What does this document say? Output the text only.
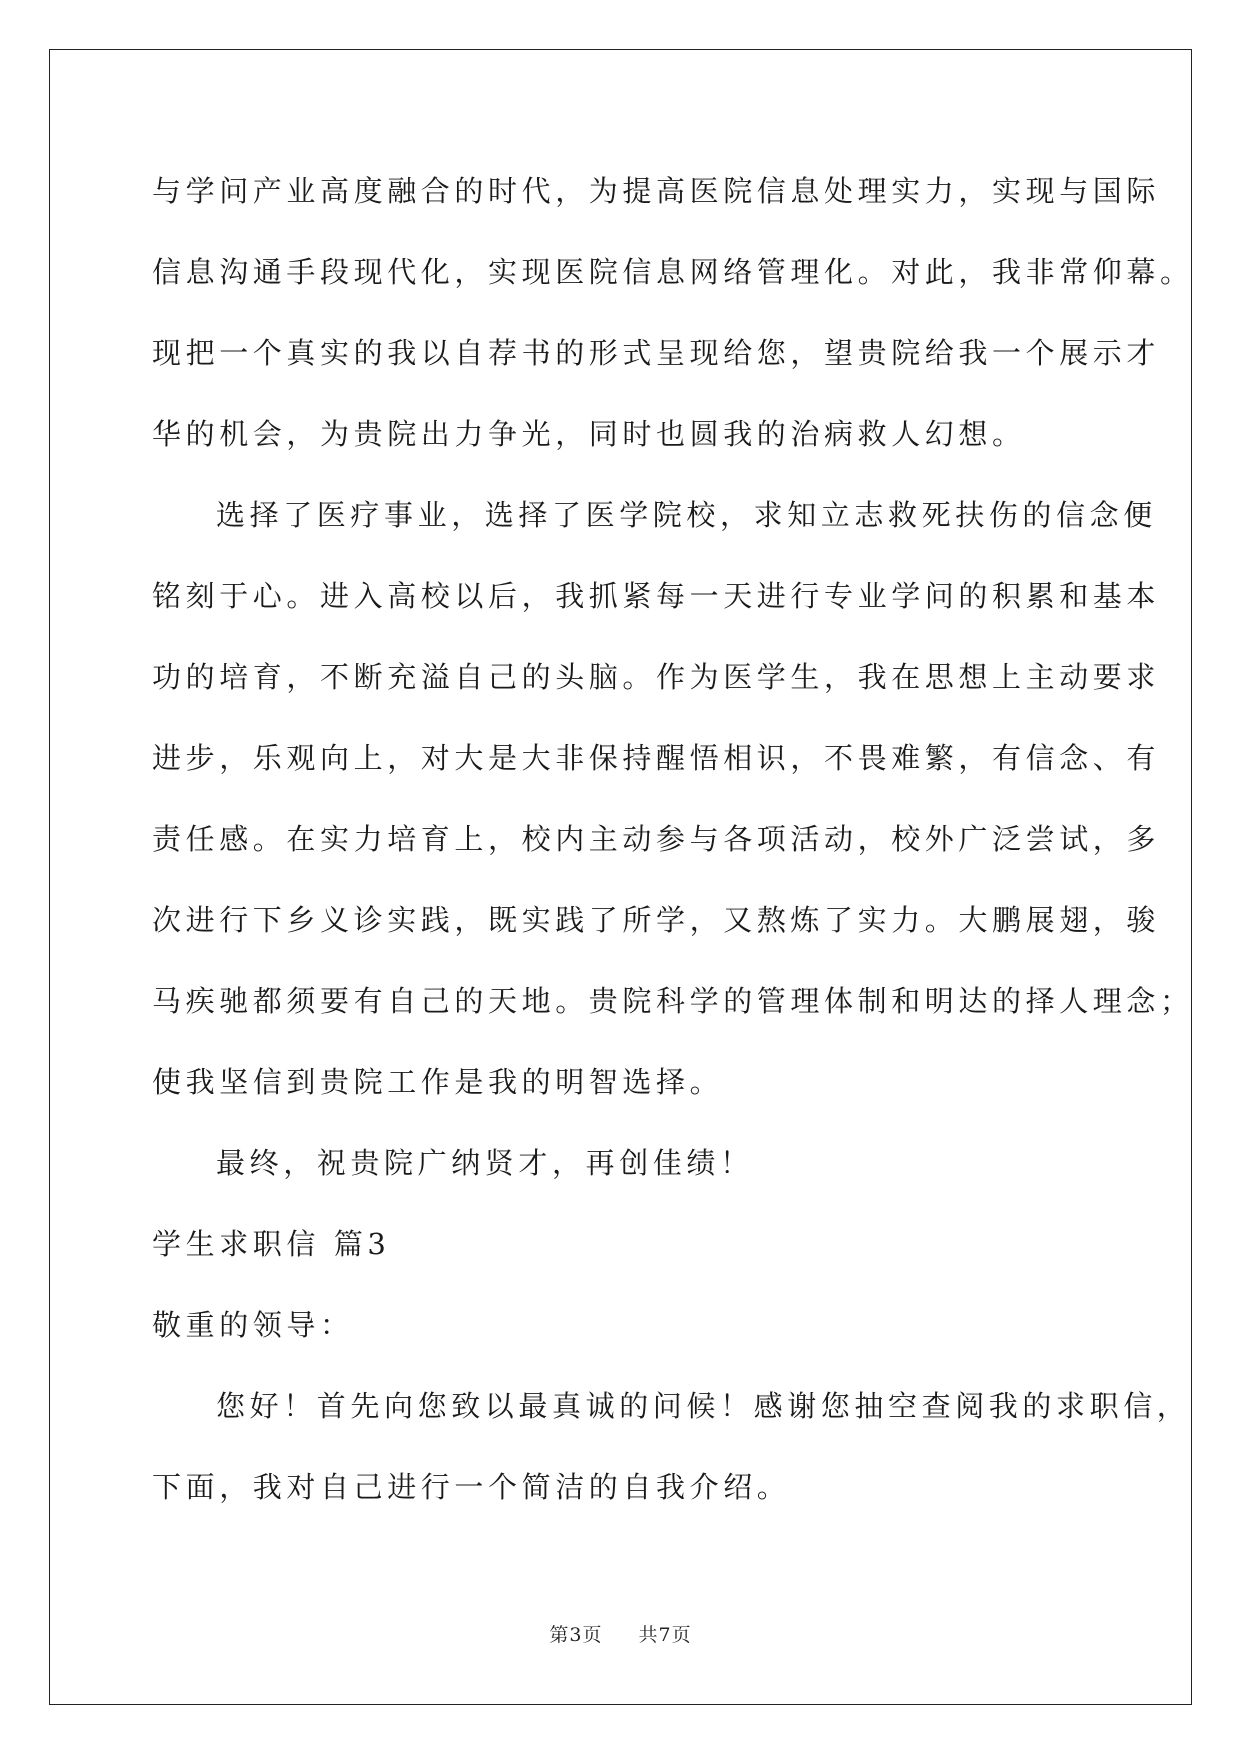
与学问产业高度融合的时代，为提高医院信息处理实力，实现与国际
信息沟通手段现代化，实现医院信息网络管理化。对此，我非常仰幕。
现把一个真实的我以自荐书的形式呈现给您，望贵院给我一个展示才
华的机会，为贵院出力争光，同时也圆我的治病救人幻想。
选择了医疗事业，选择了医学院校，求知立志救死扶伤的信念便
铭刻于心。进入高校以后，我抓紧每一天进行专业学问的积累和基本
功的培育，不断充溢自己的头脑。作为医学生，我在思想上主动要求
进步，乐观向上，对大是大非保持醒悟相识，不畏难繁，有信念、有
责任感。在实力培育上，校内主动参与各项活动，校外广泛尝试，多
次进行下乡义诊实践，既实践了所学，又熬炼了实力。大鹏展翅，骏
马疾驰都须要有自己的天地。贵院科学的管理体制和明达的择人理念；
使我坚信到贵院工作是我的明智选择。
最终，祝贵院广纳贤才，再创佳绩！
学生求职信 篇3
敬重的领导：
您好！首先向您致以最真诚的问候！感谢您抽空查阅我的求职信，
下面，我对自己进行一个简洁的自我介绍。
第3页 共7页
